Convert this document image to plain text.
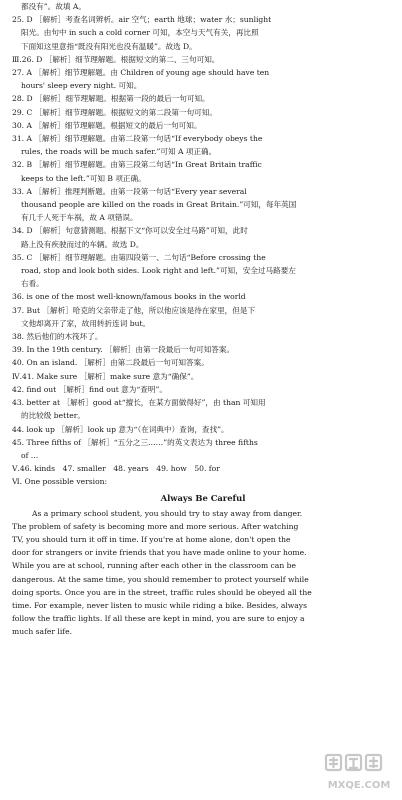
都没有”。故填 A。
25. D ［解析］考查名词辨析。air 空气；earth 地球；water 水；sunlight
阳光。由句中 in such a cold corner 可知，本空与天气有关，再比照
下面知这里意指“既没有阳光也没有温暖”。故选 D。
Ⅲ.26. D ［解析］细节理解题。根据短文的第二、三句可知。
27. A ［解析］细节理解题。由 Children of young age should have ten
hours' sleep every night. 可知。
28. D ［解析］细节理解题。根据第一段的最后一句可知。
29. C ［解析］细节理解题。根据短文的第二段第一句可知。
30. A ［解析］细节理解题。根据短文的最后一句可知。
31. A ［解析］细节理解题。由第二段第一句话“If everybody obeys the
rules, the roads will be much safer.”可知 A 项正确。
32. B ［解析］细节理解题。由第三段第二句话“In Great Britain traffic
keeps to the left.”可知 B 项正确。
33. A ［解析］推理判断题。由第一段第一句话“Every year several
thousand people are killed on the roads in Great Britain.”可知，每年英国
有几千人死于车祸，故 A 项错误。
34. D ［解析］句意猜测题。根据下文“你可以安全过马路”可知，此时
路上没有疾驶而过的车辆。故选 D。
35. C ［解析］细节理解题。由第四段第一、二句话“Before crossing the
road, stop and look both sides. Look right and left.”可知，安全过马路要左
右看。
36. is one of the most well-known/famous books in the world
37. But ［解析］哈克的父亲带走了他，所以他应该是待在家里，但是下
文他却离开了家，故用转折连词 but。
38. 然后他们的木筏坏了。
39. In the 19th century. ［解析］由第一段最后一句可知答案。
40. On an island. ［解析］由第二段最后一句可知答案。
Ⅳ.41. Make sure ［解析］make sure 意为“确保”。
42. find out ［解析］find out 意为“查明”。
43. better at ［解析］good at“擅长，在某方面做得好”，由 than 可知用
的比较级 better。
44. look up ［解析］look up 意为“（在词典中）查询，查找”。
45. Three fifths of ［解析］“五分之三……”的英文表达为 three fifths
of …
Ⅴ.46. kinds　47. smaller　48. years　49. how　50. for
Ⅵ. One possible version:
Always Be Careful
As a primary school student, you should try to stay away from danger.
The problem of safety is becoming more and more serious. After watching
TV, you should turn it off in time. If you're at home alone, don't open the
door for strangers or invite friends that you have made online to your home.
While you are at school, running after each other in the classroom can be
dangerous. At the same time, you should remember to protect yourself while
doing sports. Once you are in the street, traffic rules should be obeyed all the
time. For example, never listen to music while riding a bike. Besides, always
follow the traffic lights. If all these are kept in mind, you are sure to enjoy a
much safer life.
MXQE.COM
